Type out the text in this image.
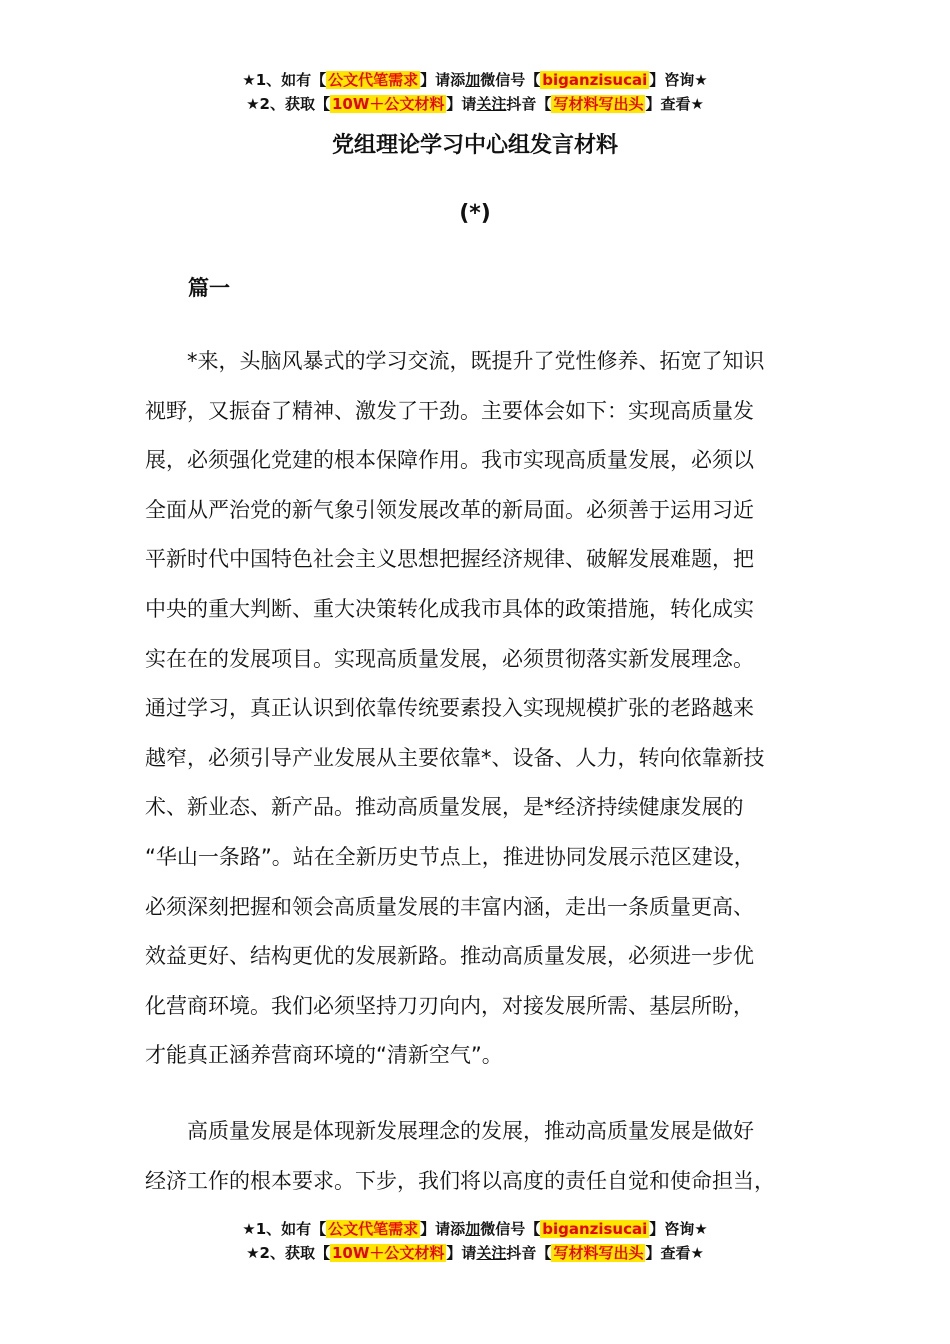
★1、如有【 公文代笔需求 】请添加微信号【 biganzisucai 】咨询★
★2、获取【 10W＋公文材料 】请关注抖音【 写材料写出头 】查看★
党组理论学习中心组发言材料
(*)
篇一
　　*来，头脑风暴式的学习交流，既提升了党性修养、拓宽了知识
视野，又振奋了精神、激发了干劲。主要体会如下：实现高质量发
展，必须强化党建的根本保障作用。我市实现高质量发展，必须以
全面从严治党的新气象引领发展改革的新局面。必须善于运用习近
平新时代中国特色社会主义思想把握经济规律、破解发展难题，把
中央的重大判断、重大决策转化成我市具体的政策措施，转化成实
实在在的发展项目。实现高质量发展，必须贯彻落实新发展理念。
通过学习，真正认识到依靠传统要素投入实现规模扩张的老路越来
越窄，必须引导产业发展从主要依靠*、设备、人力，转向依靠新技
术、新业态、新产品。推动高质量发展，是*经济持续健康发展的
“华山一条路”。站在全新历史节点上，推进协同发展示范区建设，
必须深刻把握和领会高质量发展的丰富内涵，走出一条质量更高、
效益更好、结构更优的发展新路。推动高质量发展，必须进一步优
化营商环境。我们必须坚持刀刃向内，对接发展所需、基层所盼，
才能真正涵养营商环境的“清新空气”。
　　高质量发展是体现新发展理念的发展，推动高质量发展是做好
经济工作的根本要求。下步，我们将以高度的责任自觉和使命担当，
★1、如有【 公文代笔需求 】请添加微信号【 biganzisucai 】咨询★
★2、获取【 10W＋公文材料 】请关注抖音【 写材料写出头 】查看★
